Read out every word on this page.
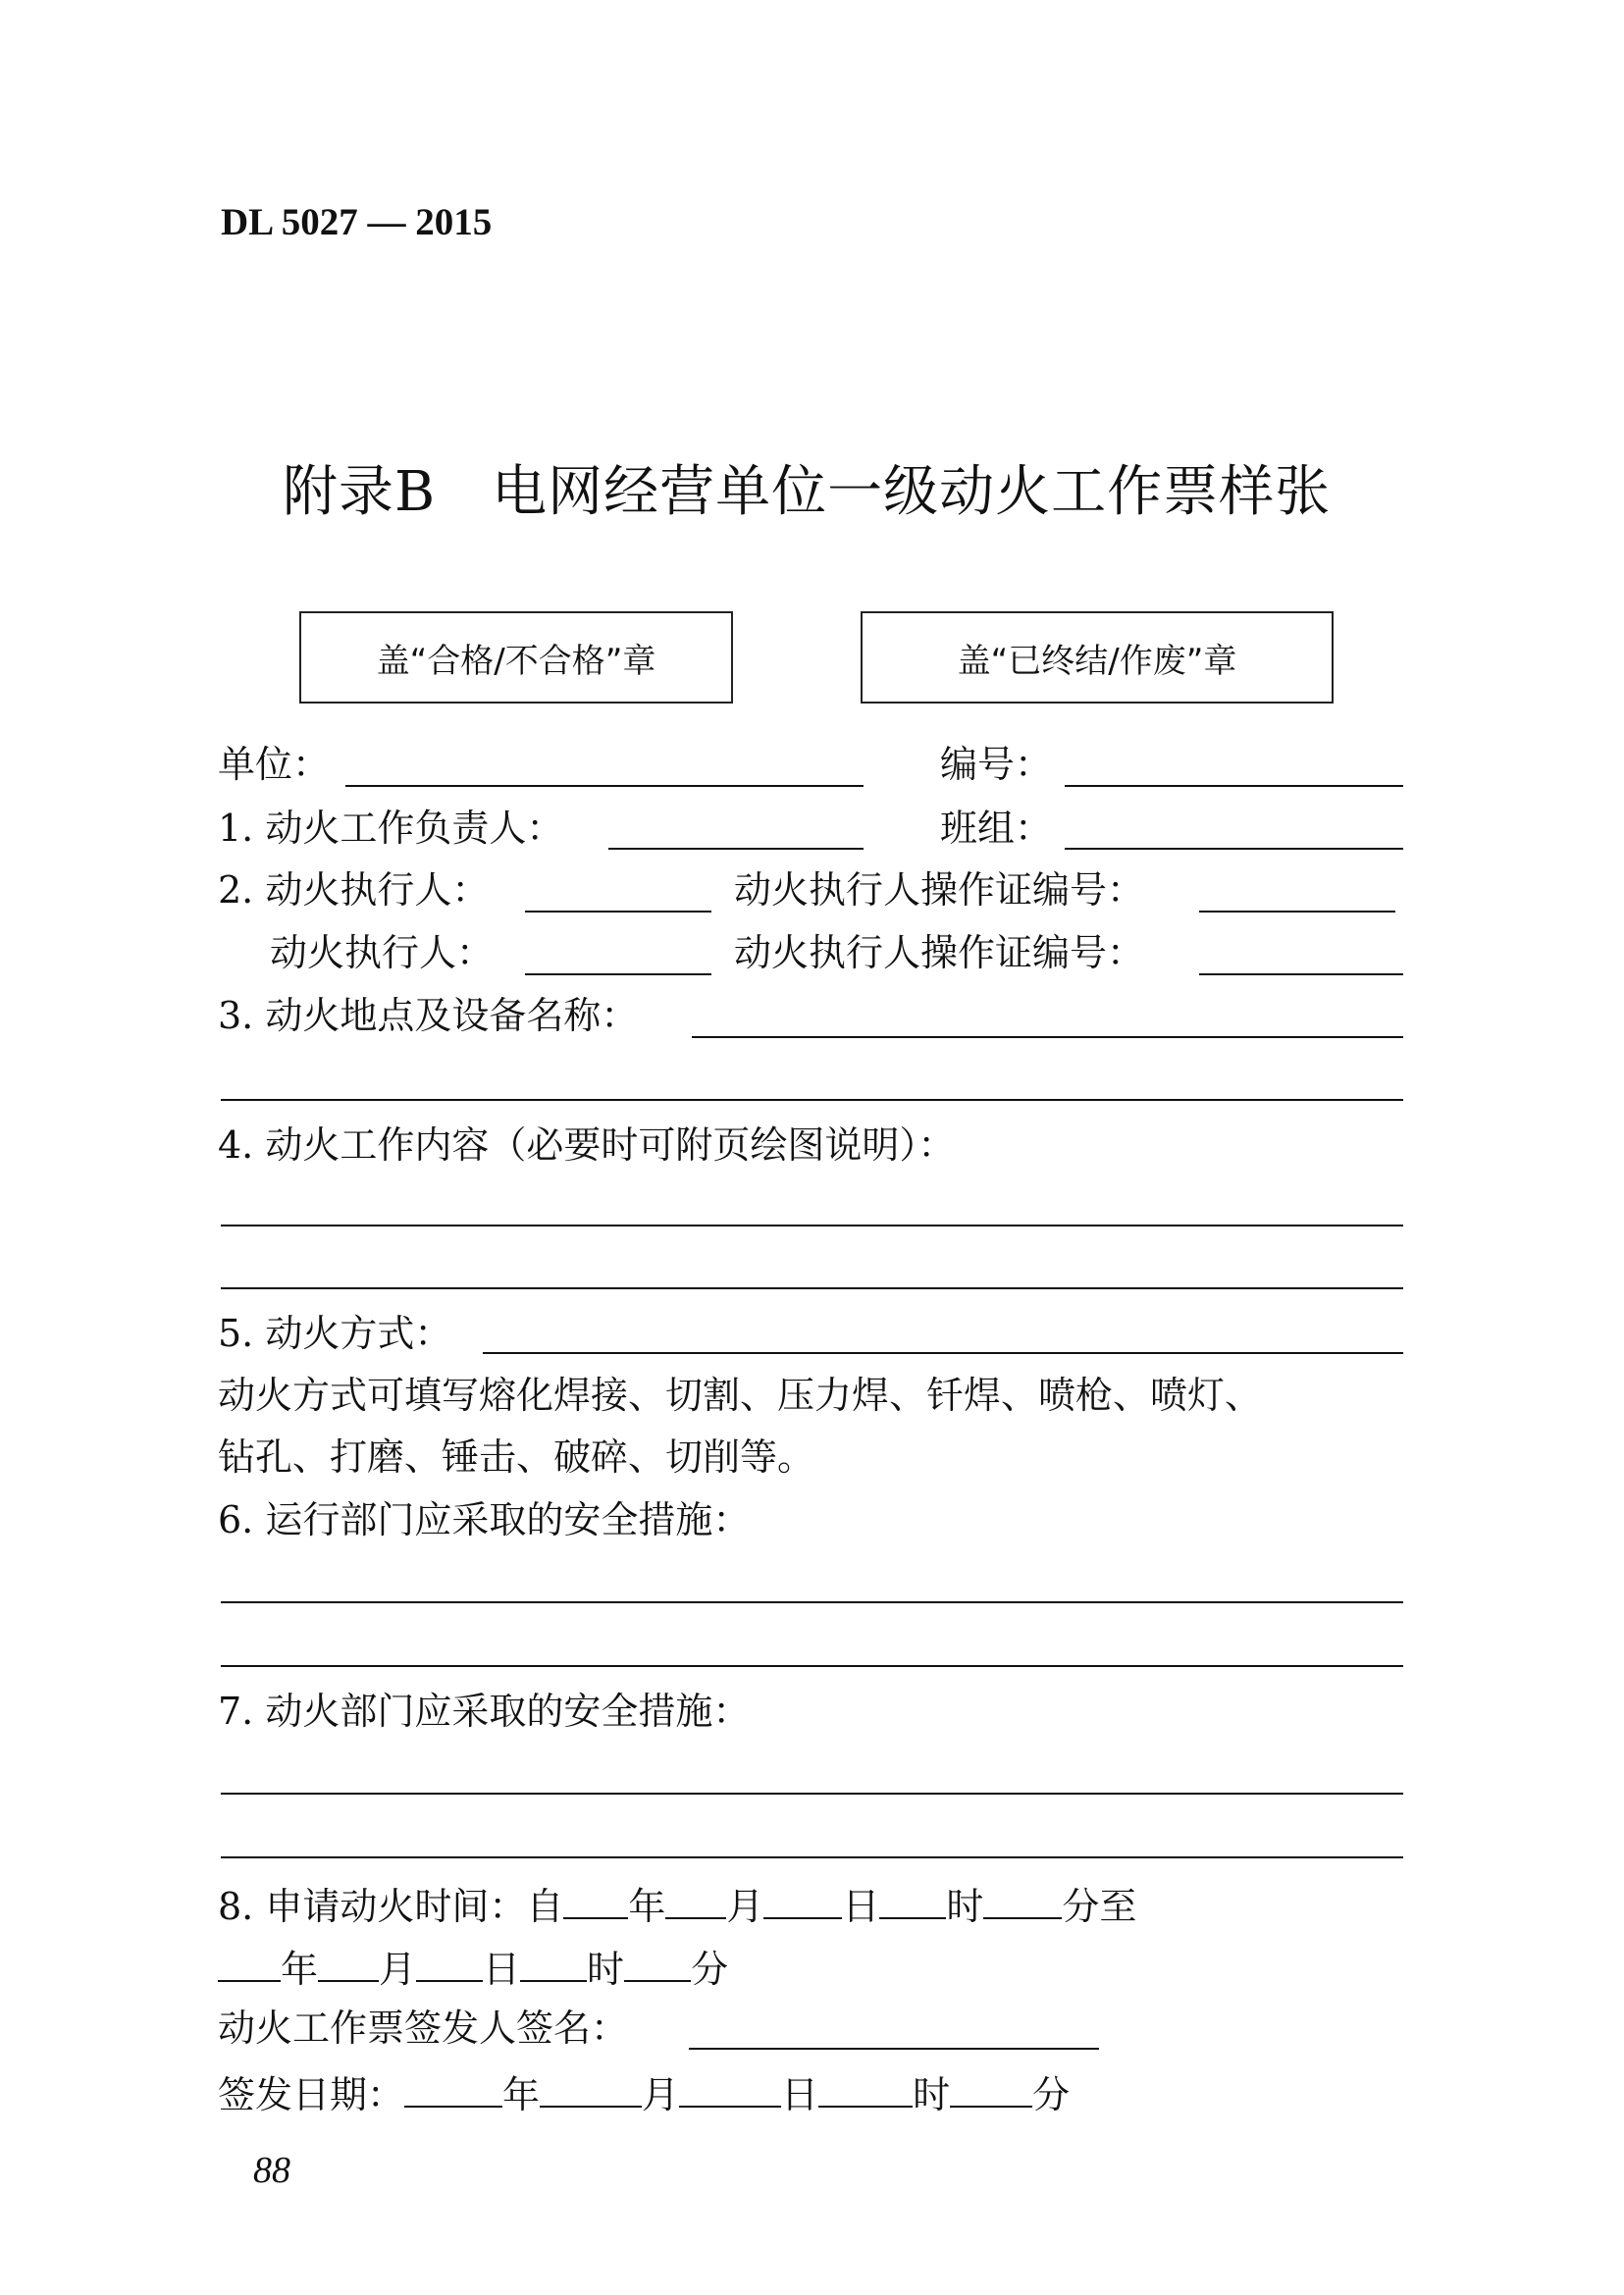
DL 5027 — 2015
附录B　电网经营单位一级动火工作票样张
盖“合格/不合格”章	盖“已终结/作废”章
单位：	编号：
1. 动火工作负责人：	班组：
2. 动火执行人：	动火执行人操作证编号：
动火执行人：	动火执行人操作证编号：
3. 动火地点及设备名称：
4. 动火工作内容（必要时可附页绘图说明）：
5. 动火方式：
动火方式可填写熔化焊接、切割、压力焊、钎焊、喷枪、喷灯、
钻孔、打磨、锤击、破碎、切削等。
6. 运行部门应采取的安全措施：
7. 动火部门应采取的安全措施：
8. 申请动火时间：自 年 月 日 时 分至
年 月 日 时 分
动火工作票签发人签名：
签发日期：	年	月	日	时 分
88
